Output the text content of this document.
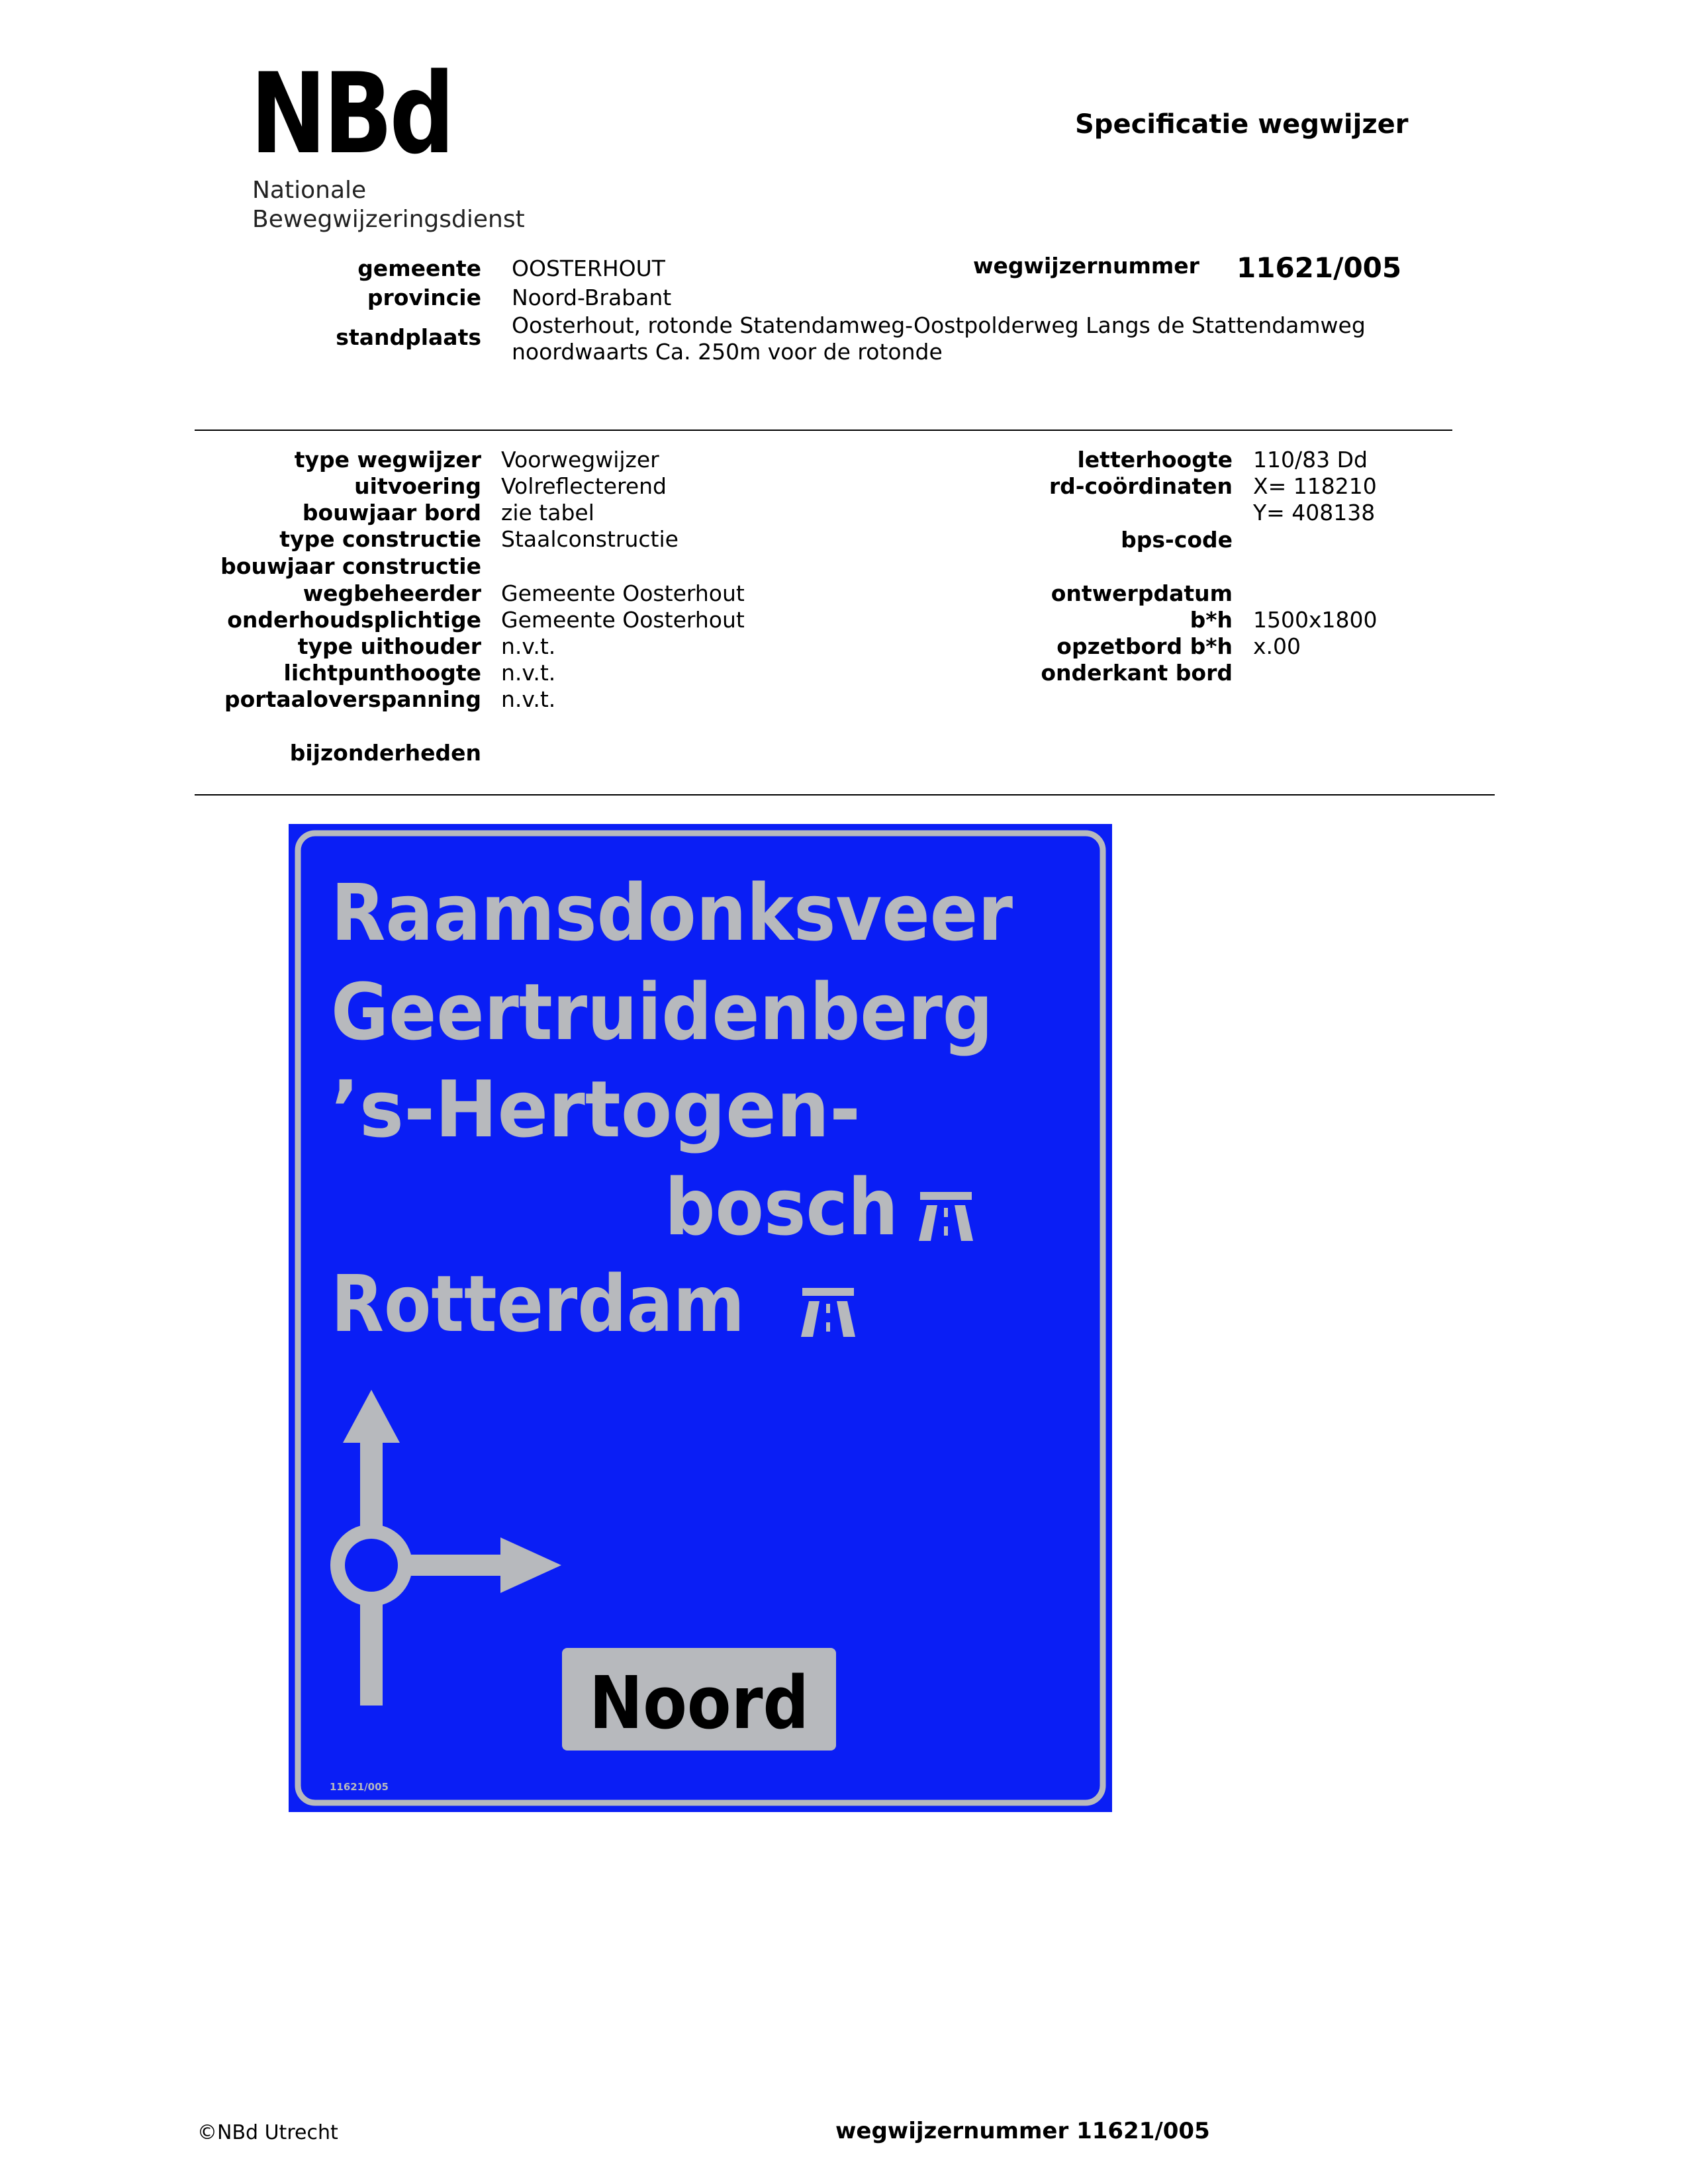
NBd
Nationale
Bewegwijzeringsdienst
Specificatie wegwijzer
gemeente
provincie
standplaats
OOSTERHOUT
Noord-Brabant
Oosterhout, rotonde Statendamweg-Oostpolderweg Langs de Stattendamweg
noordwaarts Ca. 250m voor de rotonde
wegwijzernummer 11621/005
type wegwijzer Voorwegwijzer
uitvoering Volreflecterend
bouwjaar bord zie tabel
type constructie Staalconstructie
bouwjaar constructie
wegbeheerder Gemeente Oosterhout
onderhoudsplichtige Gemeente Oosterhout
type uithouder n.v.t.
lichtpunthoogte n.v.t.
portaaloverspanning n.v.t.
bijzonderheden
letterhoogte 110/83 Dd
rd-coördinaten X= 118210
Y= 408138
bps-code
ontwerpdatum
b*h 1500x1800
opzetbord b*h x.00
onderkant bord
Raamsdonksveer
Geertruidenberg
’s-Hertogen-
bosch
Rotterdam
Noord
11621/005
©NBd Utrecht	wegwijzernummer 11621/005
